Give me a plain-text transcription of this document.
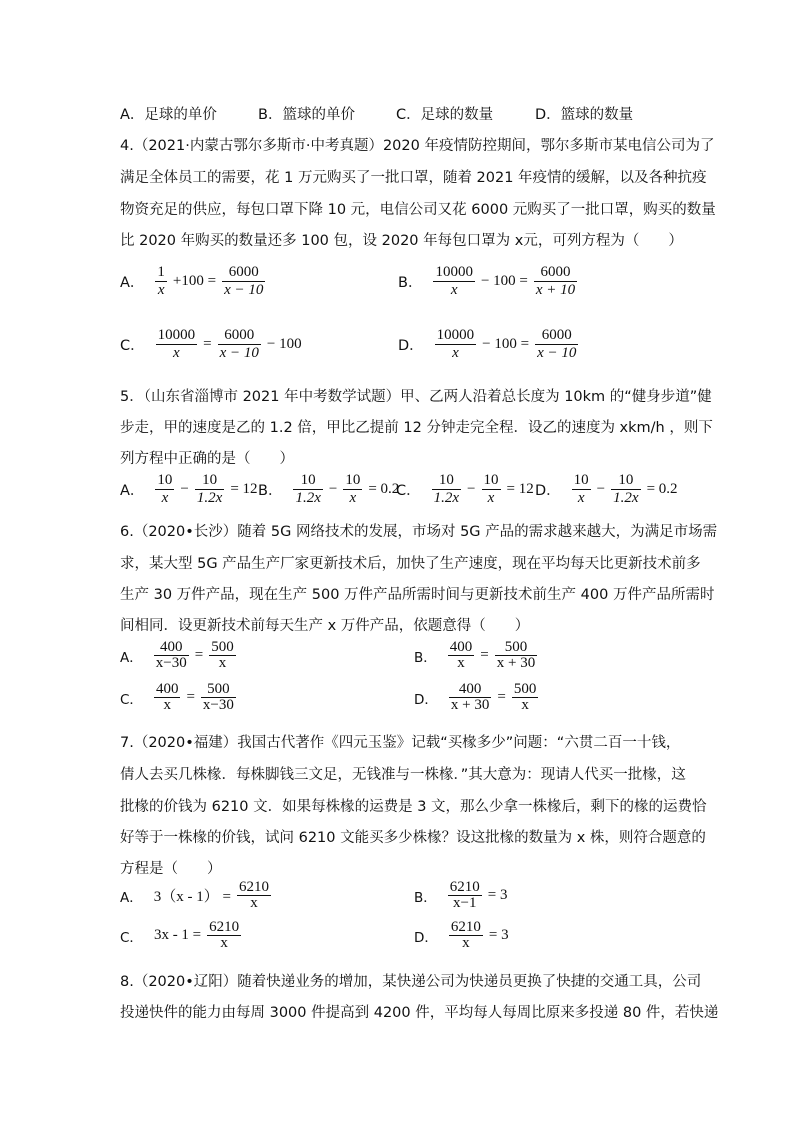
A．足球的单价	B．篮球的单价	C．足球的数量	D．篮球的数量
4.（2021·内蒙古鄂尔多斯市·中考真题）2020 年疫情防控期间，鄂尔多斯市某电信公司为了
满足全体员工的需要，花 1 万元购买了一批口罩，随着 2021 年疫情的缓解，以及各种抗疫
物资充足的供应，每包口罩下降 10 元，电信公司又花 6000 元购买了一批口罩，购买的数量
比 2020 年购买的数量还多 100 包，设 2020 年每包口罩为 x元，可列方程为（　　）
A． $\frac{1}{x} +100 = \frac{6000}{x - 10}$	B． $\frac{10000}{x} - 100 = \frac{6000}{x + 10}$
C． $\frac{10000}{x} = \frac{6000}{x - 10} - 100$	D． $\frac{10000}{x} - 100 = \frac{6000}{x - 10}$
5．（山东省淄博市 2021 年中考数学试题）甲、乙两人沿着总长度为 10km 的“健身步道”健
步走，甲的速度是乙的 1.2 倍，甲比乙提前 12 分钟走完全程．设乙的速度为 xkm/h ，则下
列方程中正确的是（　　）
A． $\frac{10}{x} - \frac{10}{1.2x} = 12$ B． $\frac{10}{1.2x} - \frac{10}{x} = 0.2$
C． $\frac{10}{1.2x} - \frac{10}{x} = 12$ D． $\frac{10}{x} - \frac{10}{1.2x} = 0.2$
6.（2020•长沙）随着 5G 网络技术的发展，市场对 5G 产品的需求越来越大，为满足市场需
求，某大型 5G 产品生产厂家更新技术后，加快了生产速度，现在平均每天比更新技术前多
生产 30 万件产品，现在生产 500 万件产品所需时间与更新技术前生产 400 万件产品所需时
间相同．设更新技术前每天生产 x 万件产品，依题意得（　　）
A． $\frac{400}{x-30} = \frac{500}{x}$	B． $\frac{400}{x} = \frac{500}{x + 30}$
C． $\frac{400}{x} = \frac{500}{x-30}$	D． $\frac{400}{x + 30} = \frac{500}{x}$
7.（2020•福建）我国古代著作《四元玉鉴》记载“买椽多少”问题：“六贯二百一十钱，
倩人去买几株椽．每株脚钱三文足，无钱准与一株椽．”其大意为：现请人代买一批椽，这
批椽的价钱为 6210 文．如果每株椽的运费是 3 文，那么少拿一株椽后，剩下的椽的运费恰
好等于一株椽的价钱，试问 6210 文能买多少株椽？设这批椽的数量为 x 株，则符合题意的
方程是（　　）
A． $3(x - 1) = \frac{6210}{x}$	B． $\frac{6210}{x-1} = 3$
C． $3x - 1 = \frac{6210}{x}$	D． $\frac{6210}{x} = 3$
8.（2020•辽阳）随着快递业务的增加，某快递公司为快递员更换了快捷的交通工具，公司
投递快件的能力由每周 3000 件提高到 4200 件，平均每人每周比原来多投递 80 件，若快递
